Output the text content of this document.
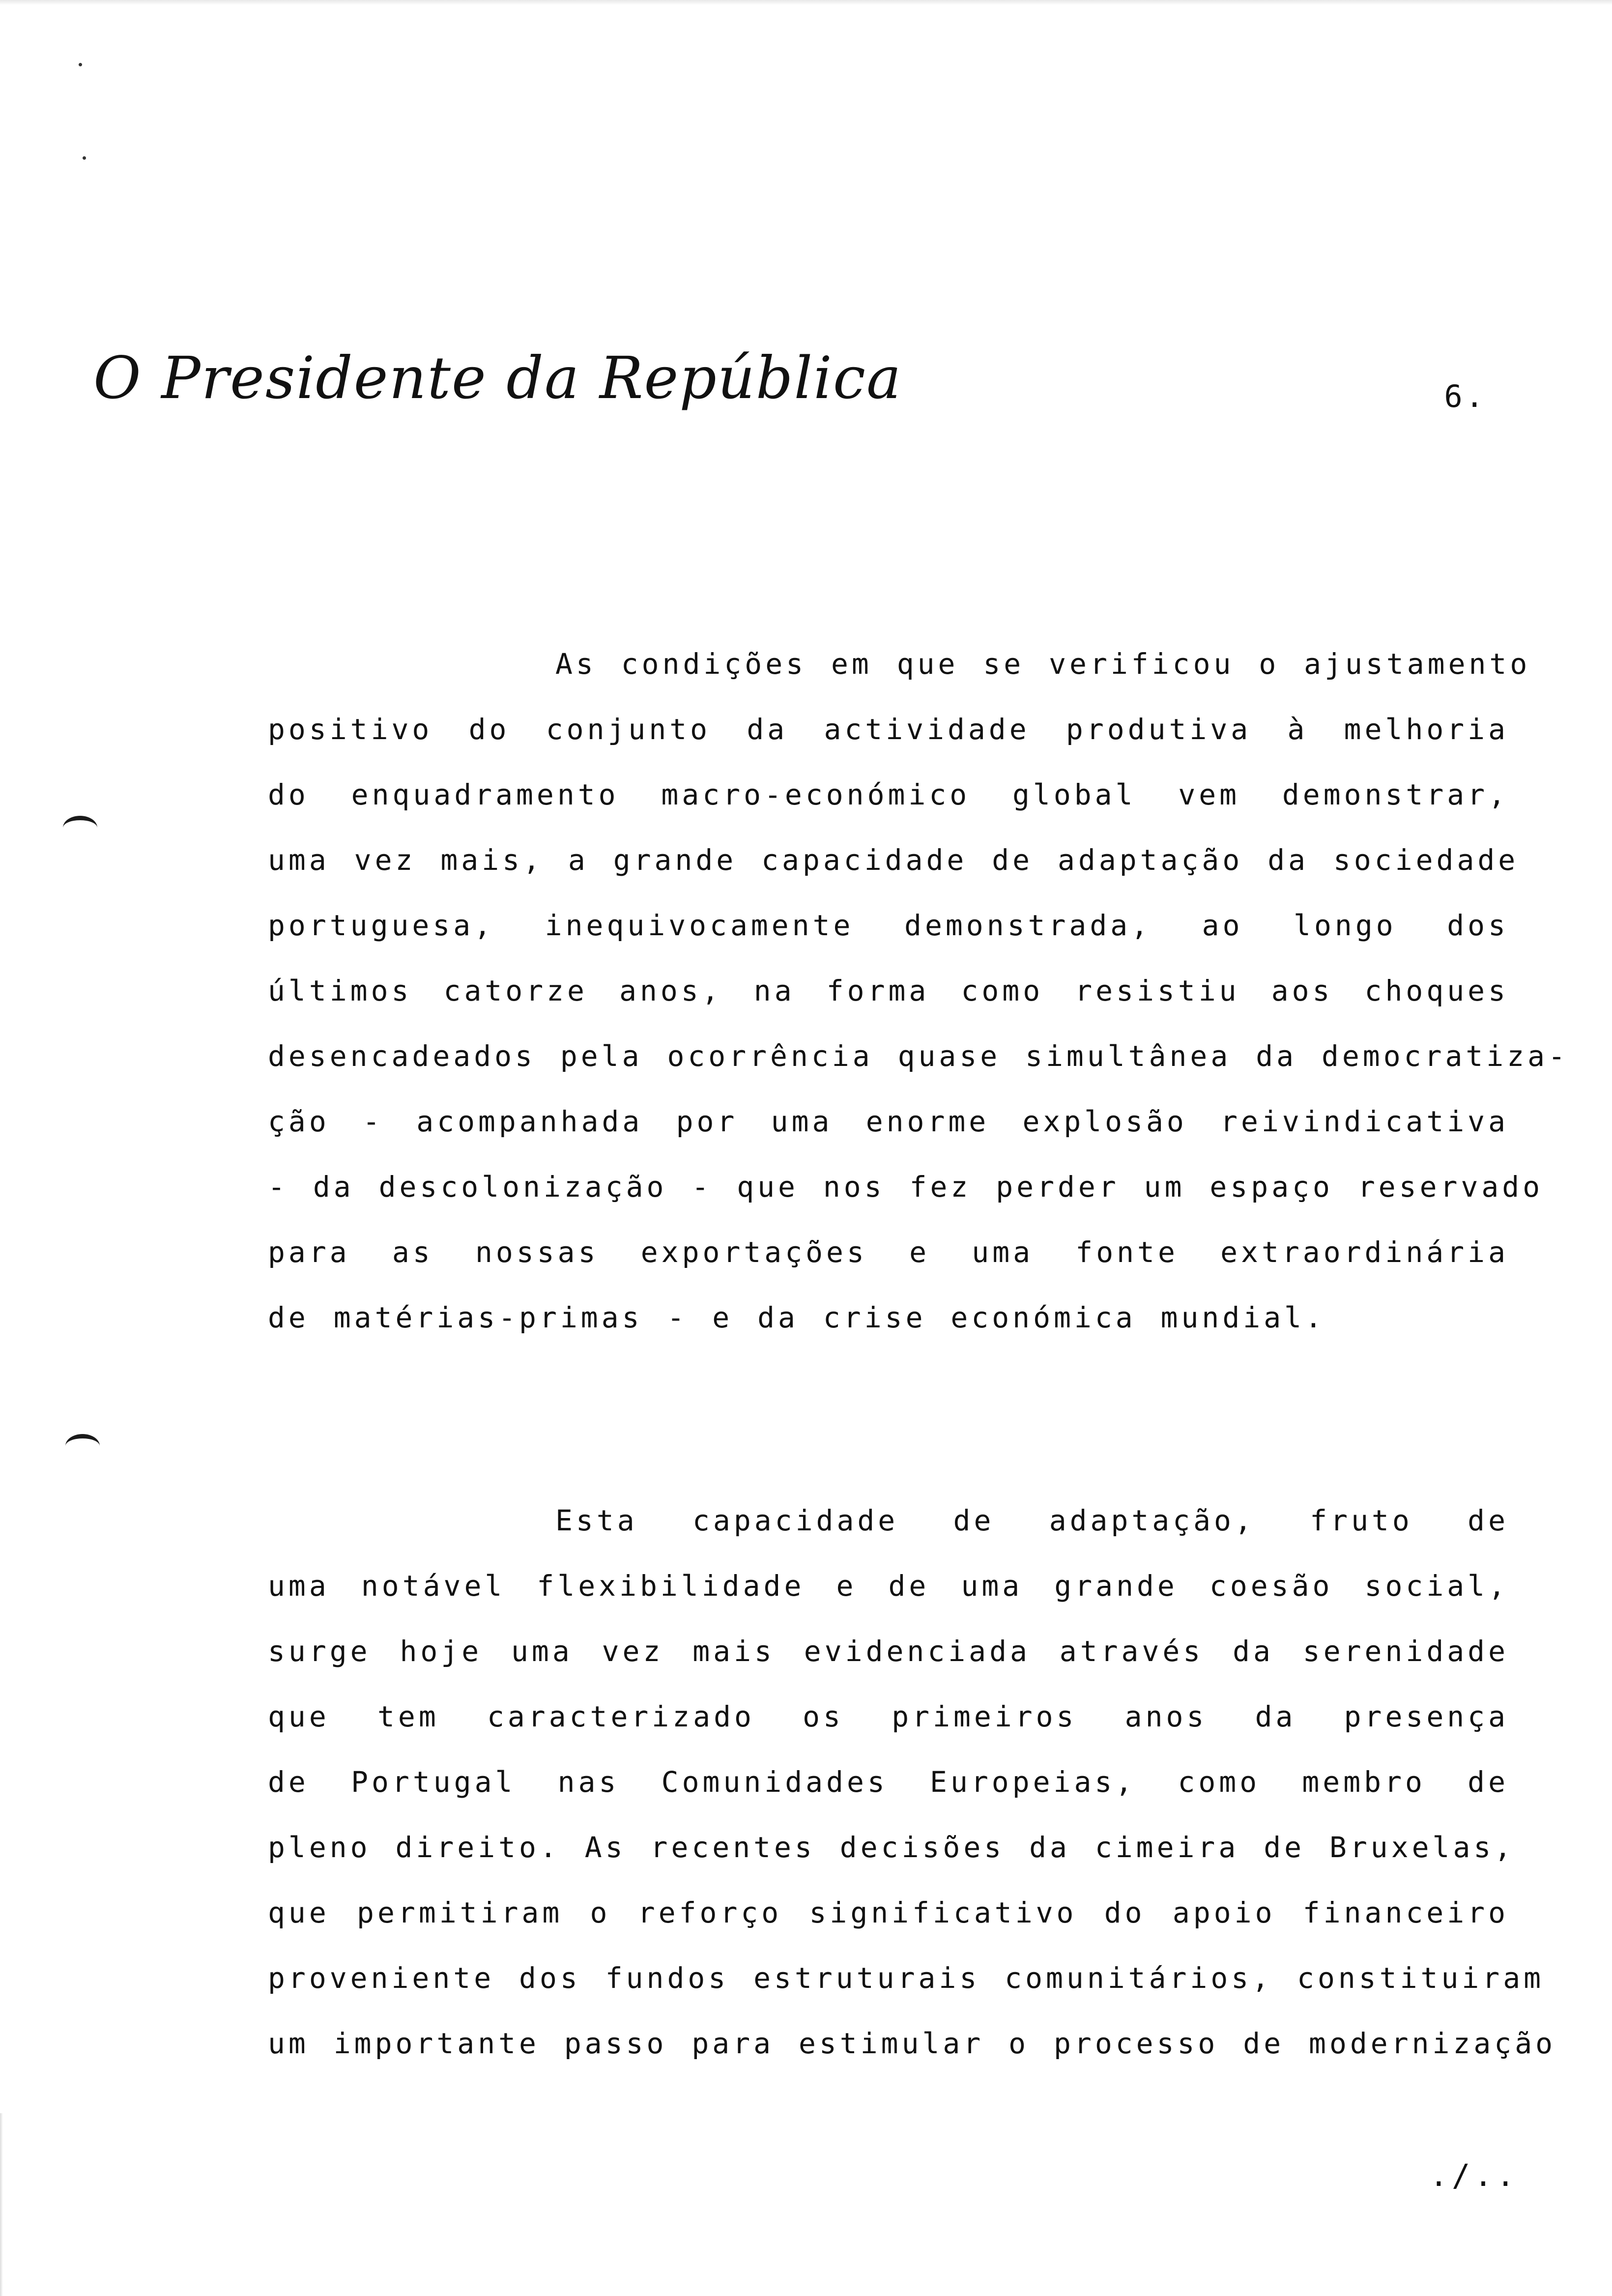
O Presidente da República	6.
As condições em que se verificou o ajustamento
positivo do conjunto da actividade produtiva à melhoria
do enquadramento macro-económico global vem demonstrar,
uma vez mais, a grande capacidade de adaptação da sociedade
portuguesa, inequivocamente demonstrada, ao longo dos
últimos catorze anos, na forma como resistiu aos choques
desencadeados pela ocorrência quase simultânea da democratiza-
ção - acompanhada por uma enorme explosão reivindicativa
- da descolonização - que nos fez perder um espaço reservado
para as nossas exportações e uma fonte extraordinária
de matérias-primas - e da crise económica mundial.
Esta capacidade de adaptação, fruto de
uma notável flexibilidade e de uma grande coesão social,
surge hoje uma vez mais evidenciada através da serenidade
que tem caracterizado os primeiros anos da presença
de Portugal nas Comunidades Europeias, como membro de
pleno direito. As recentes decisões da cimeira de Bruxelas,
que permitiram o reforço significativo do apoio financeiro
proveniente dos fundos estruturais comunitários, constituiram
um importante passo para estimular o processo de modernização
./..
